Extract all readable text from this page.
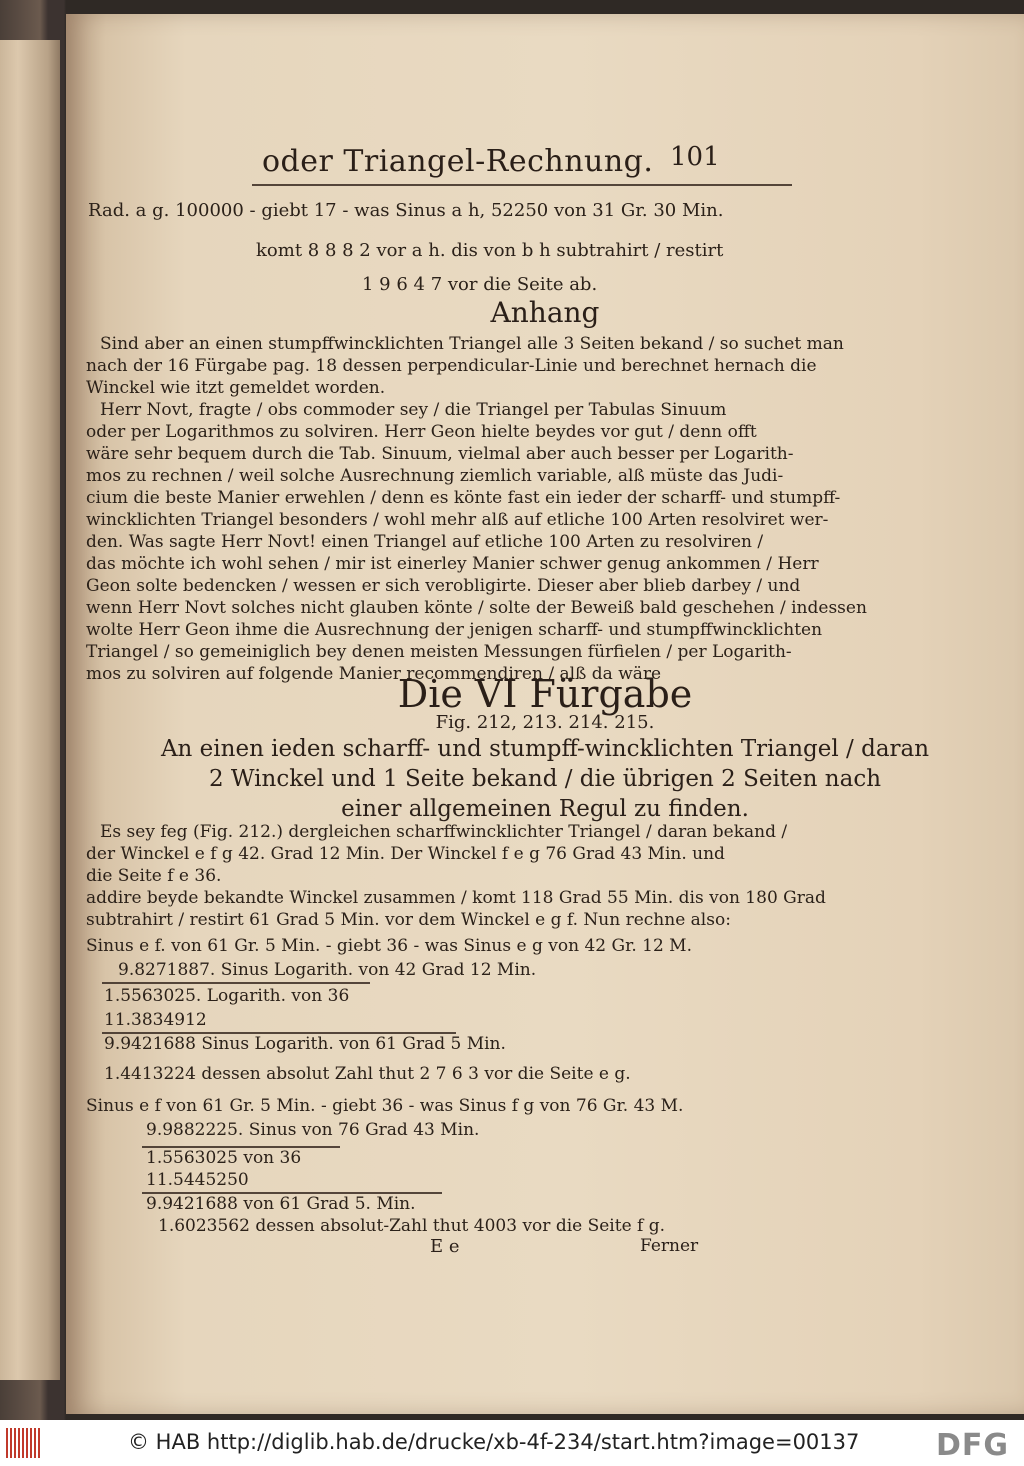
oder Triangel-Rechnung. 101
Rad. a g. 100000 - giebt 17 - was Sinus a h, 52250 von 31 Gr. 30 Min.
komt 8 8 8 2 vor a h. dis von b h subtrahirt / restirt
1 9 6 4 7 vor die Seite ab.
Anhang
Sind aber an einen stumpffwincklichten Triangel alle 3 Seiten bekand / so suchet man
nach der 16 Fürgabe pag. 18 dessen perpendicular-Linie und berechnet hernach die
Winckel wie itzt gemeldet worden.
Herr Novt, fragte / obs commoder sey / die Triangel per Tabulas Sinuum
oder per Logarithmos zu solviren. Herr Geon hielte beydes vor gut / denn offt
wäre sehr bequem durch die Tab. Sinuum, vielmal aber auch besser per Logarith-
mos zu rechnen / weil solche Ausrechnung ziemlich variable, alß müste das Judi-
cium die beste Manier erwehlen / denn es könte fast ein ieder der scharff- und stumpff-
wincklichten Triangel besonders / wohl mehr alß auf etliche 100 Arten resolviret wer-
den. Was sagte Herr Novt! einen Triangel auf etliche 100 Arten zu resolviren /
das möchte ich wohl sehen / mir ist einerley Manier schwer genug ankommen / Herr
Geon solte bedencken / wessen er sich verobligirte. Dieser aber blieb darbey / und
wenn Herr Novt solches nicht glauben könte / solte der Beweiß bald geschehen / indessen
wolte Herr Geon ihme die Ausrechnung der jenigen scharff- und stumpffwincklichten
Triangel / so gemeiniglich bey denen meisten Messungen fürfielen / per Logarith-
mos zu solviren auf folgende Manier recommendiren / alß da wäre
Die VI Fürgabe
Fig. 212, 213. 214. 215.
An einen ieden scharff- und stumpff-wincklichten Triangel / daran
2 Winckel und 1 Seite bekand / die übrigen 2 Seiten nach
einer allgemeinen Regul zu finden.
Es sey feg (Fig. 212.) dergleichen scharffwincklichter Triangel / daran bekand /
der Winckel e f g 42. Grad 12 Min. Der Winckel f e g 76 Grad 43 Min. und
die Seite f e 36.
addire beyde bekandte Winckel zusammen / komt 118 Grad 55 Min. dis von 180 Grad
subtrahirt / restirt 61 Grad 5 Min. vor dem Winckel e g f. Nun rechne also:
Sinus e f. von 61 Gr. 5 Min. - giebt 36 - was Sinus e g von 42 Gr. 12 M.
9.8271887. Sinus Logarith. von 42 Grad 12 Min.
1.5563025. Logarith. von 36
11.3834912
9.9421688 Sinus Logarith. von 61 Grad 5 Min.
1.4413224 dessen absolut Zahl thut 2 7 6 3 vor die Seite e g.
Sinus e f von 61 Gr. 5 Min. - giebt 36 - was Sinus f g von 76 Gr. 43 M.
9.9882225. Sinus von 76 Grad 43 Min.
1.5563025 von 36
11.5445250
9.9421688 von 61 Grad 5. Min.
1.6023562 dessen absolut-Zahl thut 4003 vor die Seite f g.
E e	Ferner
© HAB http://diglib.hab.de/drucke/xb-4f-234/start.htm?image=00137	DFG
